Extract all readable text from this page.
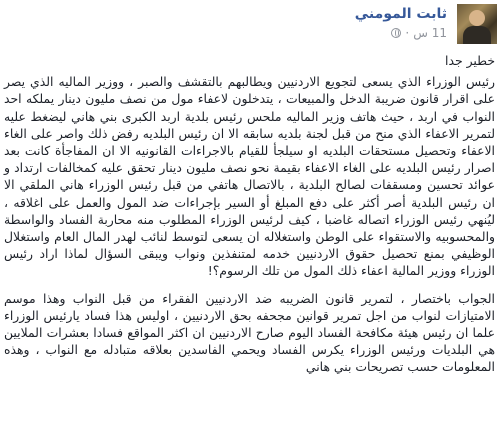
ثابت المومني
11 س
·

خطير جدا

رئيس الوزراء الذي يسعى لتجويع الاردنيين ويطالبهم بالتقشف والصبر ، ووزير الماليه الذي يصر على اقرار قانون ضريبة الدخل والمبيعات ، يتدخلون لاعفاء مول من نصف مليون دينار يملكه احد النواب في اربد ، حيث هاتف وزير الماليه ملحس رئيس بلدية اربد الكبرى بني هاني ليضغط عليه لتمرير الاعفاء الذي منح من قبل لجنة بلديه سابقه الا ان رئيس البلديه رفض ذلك واصر على الغاء الاعفاء وتحصيل مستحقات البلديه او سيلجأ للقيام بالاجراءات القانونيه الا ان المفاجأة كانت بعد اصرار رئيس البلديه على الغاء الاعفاء بقيمة نحو نصف مليون دينار تحقق عليه كمخالفات ارتداد و عوائد تحسين ومسقفات لصالح البلدية ، بالاتصال هاتفي من قبل رئيس الوزراء هاني الملقي الا ان رئيس البلدية أصر أكثر على دفع المبلغ أو السير بإجراءات ضد المول والعمل على اغلاقه ، ليُنهي رئيس الوزراء اتصاله غاضبا ، كيف لرئيس الوزراء المطلوب منه محاربة الفساد والواسطة والمحسوبيه والاستقواء على الوطن واستغلاله ان يسعى لتوسط لنائب لهدر المال العام واستغلال الوظيفي بمنع تحصيل حقوق الاردنيين خدمه لمتنفذين ونواب ويبقى السؤال لماذا اراد رئيس الوزراء ووزير المالية اعفاء ذلك المول من تلك الرسوم؟!

الجواب باختصار ، لتمرير قانون الضريبه ضد الاردنيين الفقراء من قبل النواب وهذا موسم الامتيازات لنواب من اجل تمرير قوانين مجحفه بحق الاردنيين ، اوليس هذا فساد يارئيس الوزراء علما ان رئيس هيئة مكافحة الفساد اليوم صارح الاردنيين ان اكثر المواقع فسادا بعشرات الملايين هي البلديات ورئيس الوزراء يكرس الفساد ويحمي الفاسدين بعلاقه متبادله مع النواب ، وهذه المعلومات حسب تصريحات بني هاني
